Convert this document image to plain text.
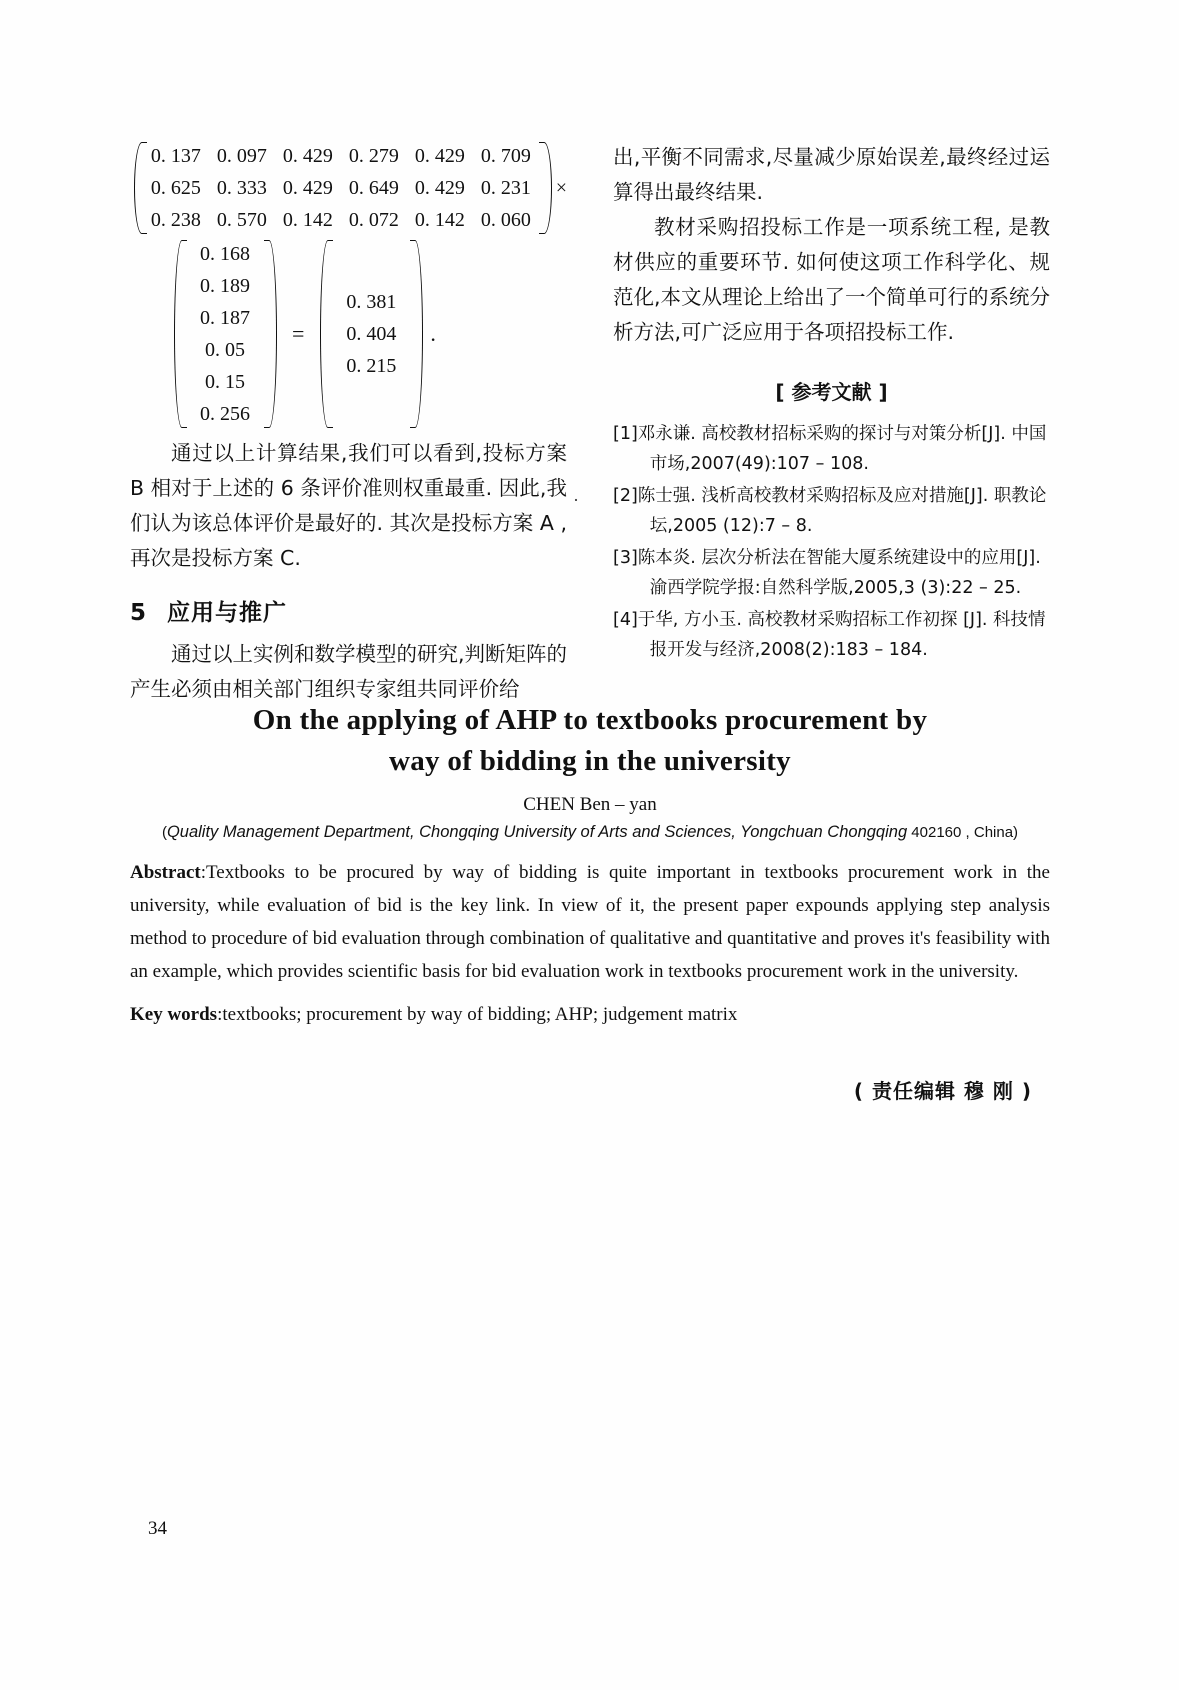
0. 137 0. 097 0. 429 0. 279 0. 429 0. 709
0. 625 0. 333 0. 429 0. 649 0. 429 0. 231
0. 238 0. 570 0. 142 0. 072 0. 142 0. 060
×
0. 168
0. 189
0. 187
0. 05
0. 15
0. 256
=
0. 381
0. 404
0. 215
.

通过以上计算结果,我们可以看到,投标方案 B 相对于上述的 6 条评价准则权重最重. 因此,我们认为该总体评价是最好的. 其次是投标方案 A ,再次是投标方案 C.

5 应用与推广

通过以上实例和数学模型的研究,判断矩阵的产生必须由相关部门组织专家组共同评价给

出,平衡不同需求,尽量减少原始误差,最终经过运算得出最终结果.

教材采购招投标工作是一项系统工程, 是教材供应的重要环节. 如何使这项工作科学化、规范化,本文从理论上给出了一个简单可行的系统分析方法,可广泛应用于各项招投标工作.

[ 参考文献 ]
[1]邓永谦. 高校教材招标采购的探讨与对策分析[J]. 中国市场,2007(49):107 – 108.
[2]陈士强. 浅析高校教材采购招标及应对措施[J]. 职教论坛,2005 (12):7 – 8.
[3]陈本炎. 层次分析法在智能大厦系统建设中的应用[J]. 渝西学院学报:自然科学版,2005,3 (3):22 – 25.
[4]于华, 方小玉. 高校教材采购招标工作初探 [J]. 科技情报开发与经济,2008(2):183 – 184.
·
On the applying of AHP to textbooks procurement by
way of bidding in the university
CHEN Ben – yan
(Quality Management Department, Chongqing University of Arts and Sciences, Yongchuan Chongqing 402160 , China)
Abstract:Textbooks to be procured by way of bidding is quite important in textbooks procurement work in the university, while evaluation of bid is the key link. In view of it, the present paper expounds applying step analysis method to procedure of bid evaluation through combination of qualitative and quantitative and proves it's feasibility with an example, which provides scientific basis for bid evaluation work in textbooks procurement work in the university.
Key words:textbooks; procurement by way of bidding; AHP; judgement matrix
( 责任编辑 穆 刚 )
34
